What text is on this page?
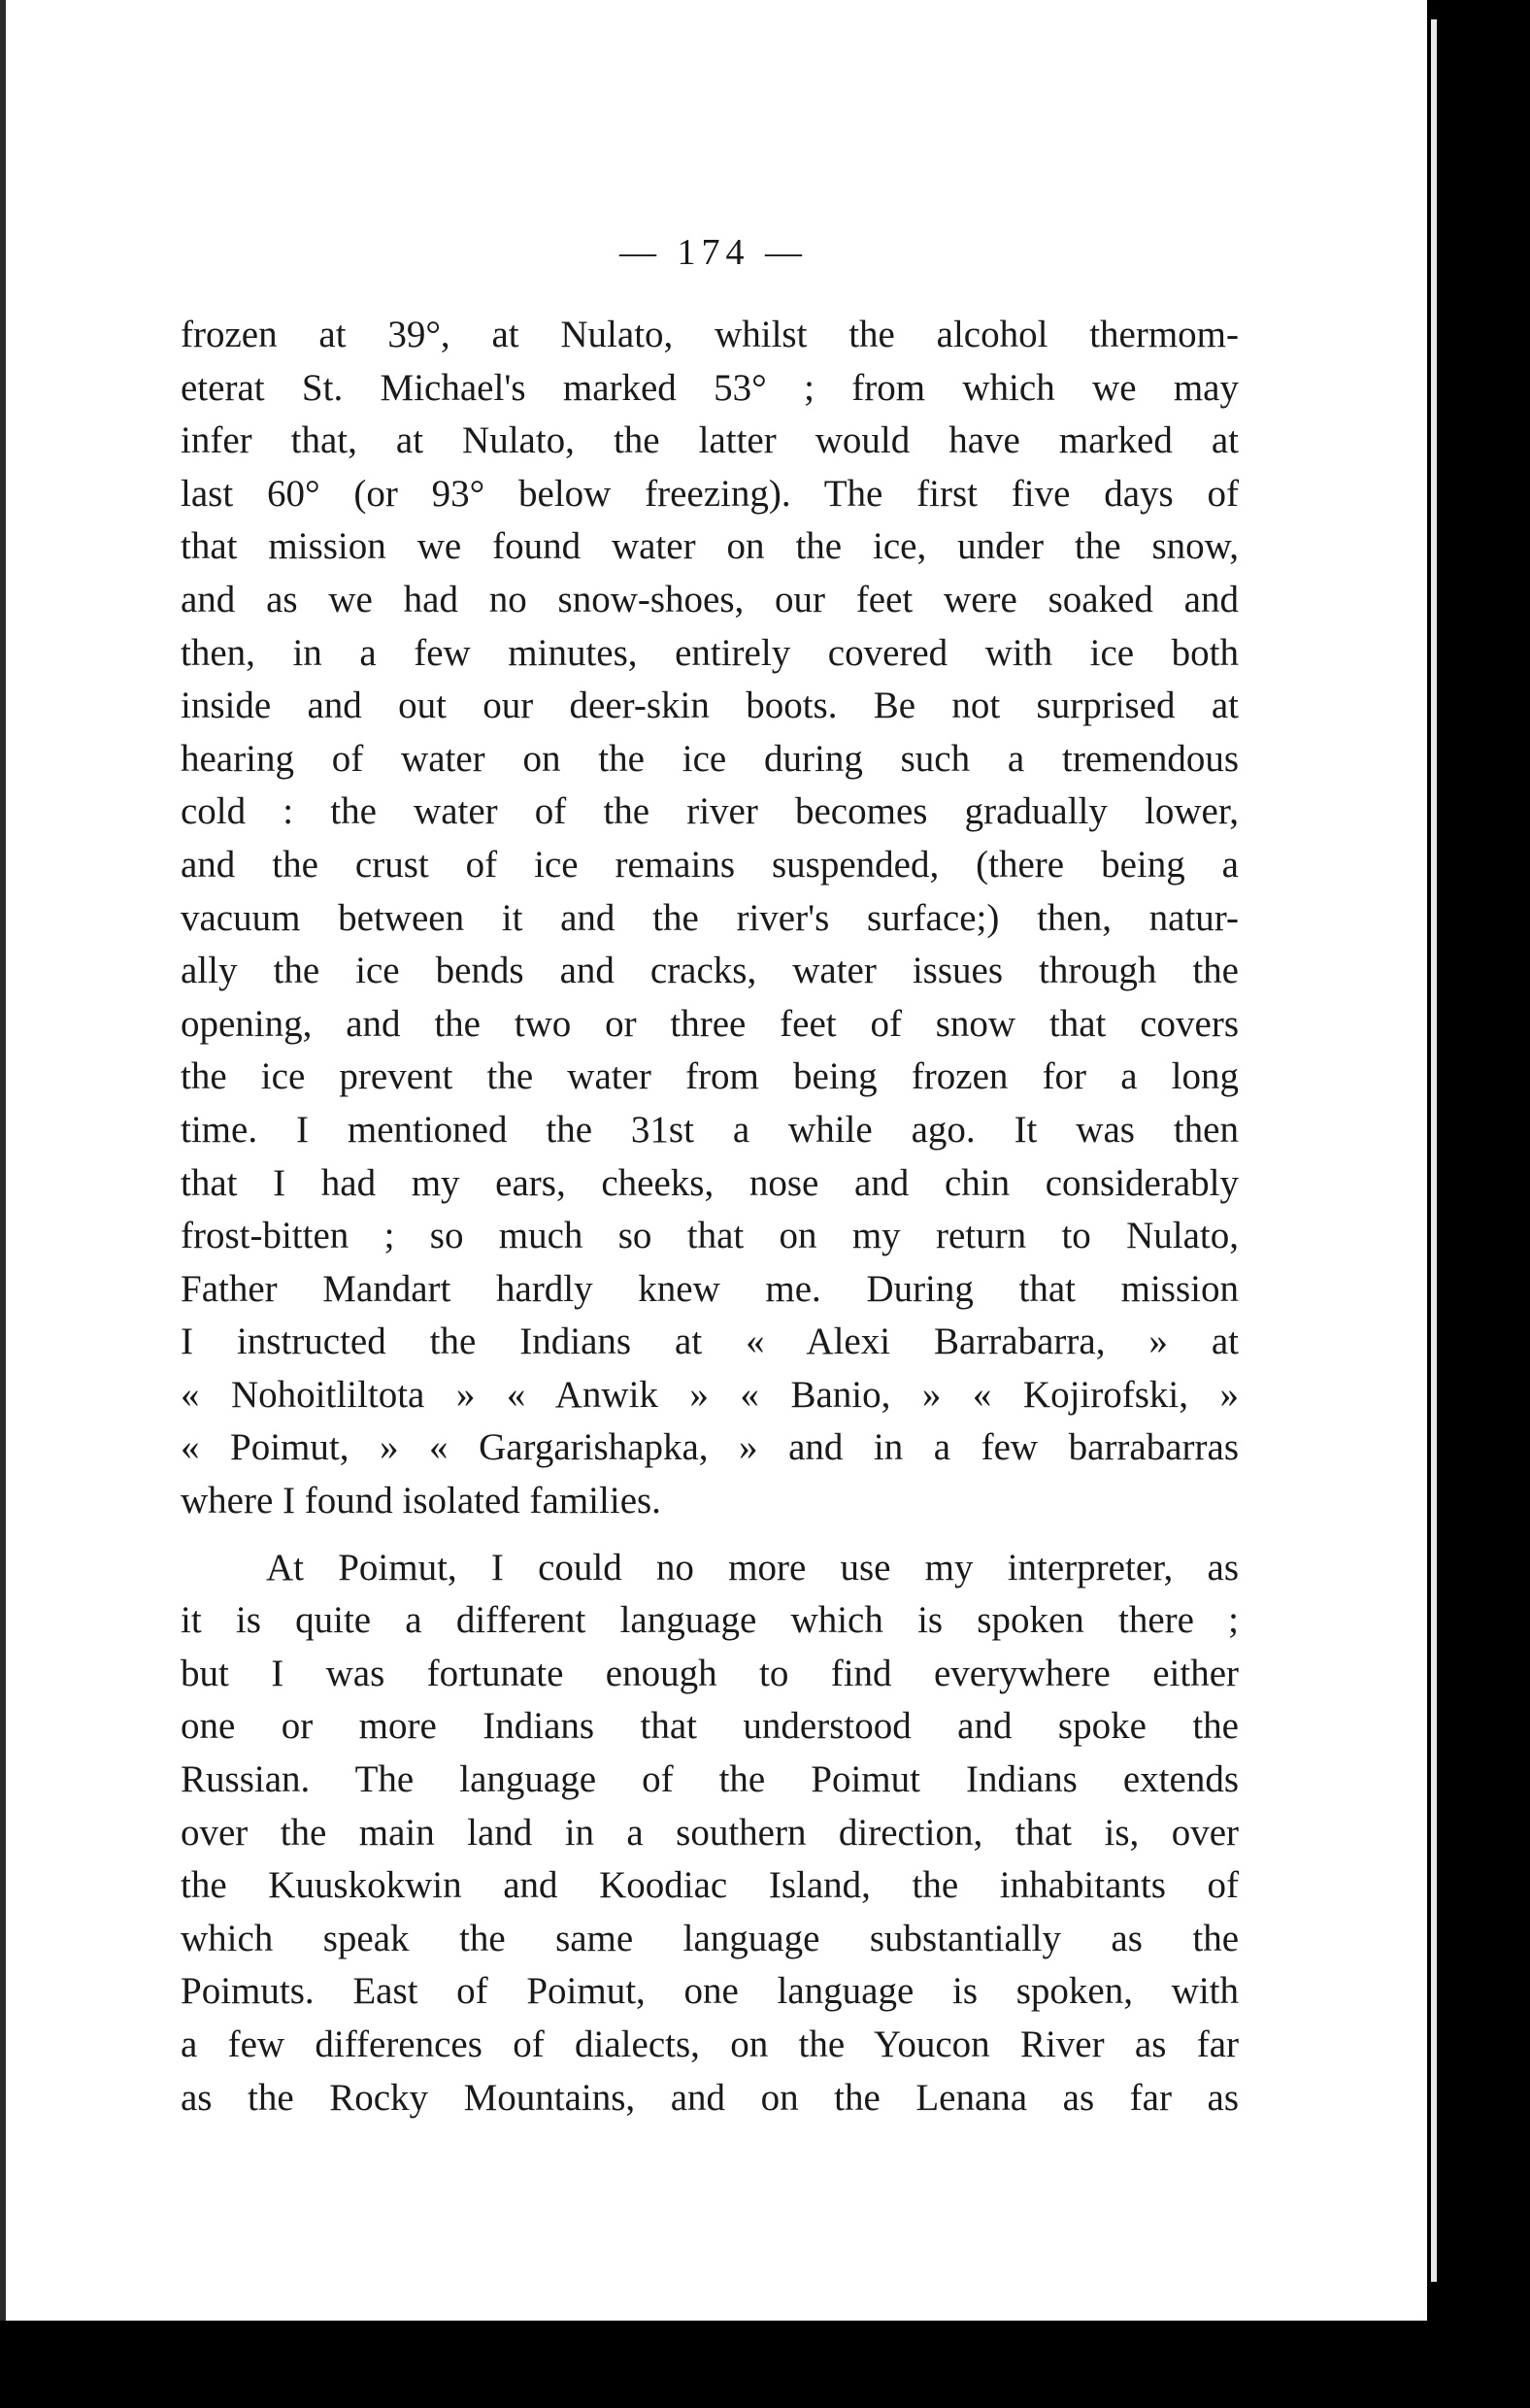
— 174 —
frozen at 39°, at Nulato, whilst the alcohol thermom-
eterat St. Michael's marked 53° ; from which we may
infer that, at Nulato, the latter would have marked at
last 60° (or 93° below freezing). The first five days of
that mission we found water on the ice, under the snow,
and as we had no snow-shoes, our feet were soaked and
then, in a few minutes, entirely covered with ice both
inside and out our deer-skin boots. Be not surprised at
hearing of water on the ice during such a tremendous
cold : the water of the river becomes gradually lower,
and the crust of ice remains suspended, (there being a
vacuum between it and the river's surface;) then, natur-
ally the ice bends and cracks, water issues through the
opening, and the two or three feet of snow that covers
the ice prevent the water from being frozen for a long
time. I mentioned the 31st a while ago. It was then
that I had my ears, cheeks, nose and chin considerably
frost-bitten ; so much so that on my return to Nulato,
Father Mandart hardly knew me. During that mission
I instructed the Indians at « Alexi Barrabarra, » at
« Nohoitliltota » « Anwik » « Banio, » « Kojirofski, »
« Poimut, » « Gargarishapka, » and in a few barrabarras
where I found isolated families.
At Poimut, I could no more use my interpreter, as
it is quite a different language which is spoken there ;
but I was fortunate enough to find everywhere either
one or more Indians that understood and spoke the
Russian. The language of the Poimut Indians extends
over the main land in a southern direction, that is, over
the Kuuskokwin and Koodiac Island, the inhabitants of
which speak the same language substantially as the
Poimuts. East of Poimut, one language is spoken, with
a few differences of dialects, on the Youcon River as far
as the Rocky Mountains, and on the Lenana as far as
